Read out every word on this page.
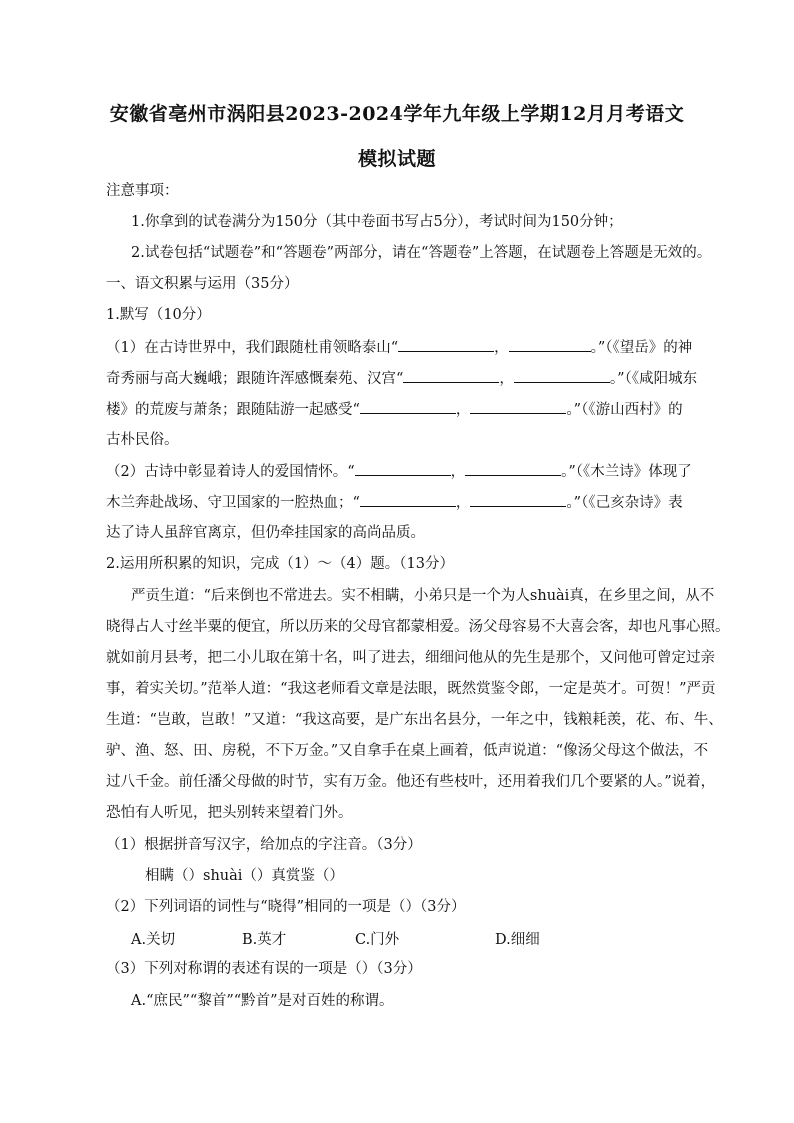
安徽省亳州市涡阳县2023-2024学年九年级上学期12月月考语文
模拟试题
注意事项：
1.你拿到的试卷满分为150分（其中卷面书写占5分），考试时间为150分钟；
2.试卷包括“试题卷”和“答题卷”两部分，请在“答题卷”上答题，在试题卷上答题是无效的。
一、语文积累与运用（35分）
1.默写（10分）
（1）在古诗世界中，我们跟随杜甫领略泰山“	，	。”（《望岳》的神
奇秀丽与高大巍峨；跟随许浑感慨秦苑、汉宫“	，	。”（《咸阳城东
楼》的荒废与萧条；跟随陆游一起感受“	，	。”（《游山西村》的
古朴民俗。
（2）古诗中彰显着诗人的爱国情怀。“	，	。”（《木兰诗》体现了
木兰奔赴战场、守卫国家的一腔热血；“	，	。”（《己亥杂诗》表
达了诗人虽辞官离京，但仍牵挂国家的高尚品质。
2.运用所积累的知识，完成（1）～（4）题。（13分）
严贡生道：“后来倒也不常进去。实不相瞒，小弟只是一个为人shuài真，在乡里之间，从不
晓得占人寸丝半粟的便宜，所以历来的父母官都蒙相爱。汤父母容易不大喜会客，却也凡事心照。
就如前月县考，把二小儿取在第十名，叫了进去，细细问他从的先生是那个，又问他可曾定过亲
事，着实关切。”范举人道：“我这老师看文章是法眼，既然赏鉴令郎，一定是英才。可贺！”严贡
生道：“岂敢，岂敢！”又道：“我这高要，是广东出名县分，一年之中，钱粮耗羡，花、布、牛、
驴、渔、怒、田、房税，不下万金。”又自拿手在桌上画着，低声说道：“像汤父母这个做法，不
过八千金。前任潘父母做的时节，实有万金。他还有些枝叶，还用着我们几个要紧的人。”说着，
恐怕有人听见，把头别转来望着门外。
（1）根据拼音写汉字，给加点的字注音。（3分）
相瞒（）shuài（）真赏鉴（）
（2）下列词语的词性与“晓得”相同的一项是（）（3分）
A.关切	B.英才	C.门外	D.细细
（3）下列对称谓的表述有误的一项是（）（3分）
A.“庶民”“黎首”“黔首”是对百姓的称谓。
